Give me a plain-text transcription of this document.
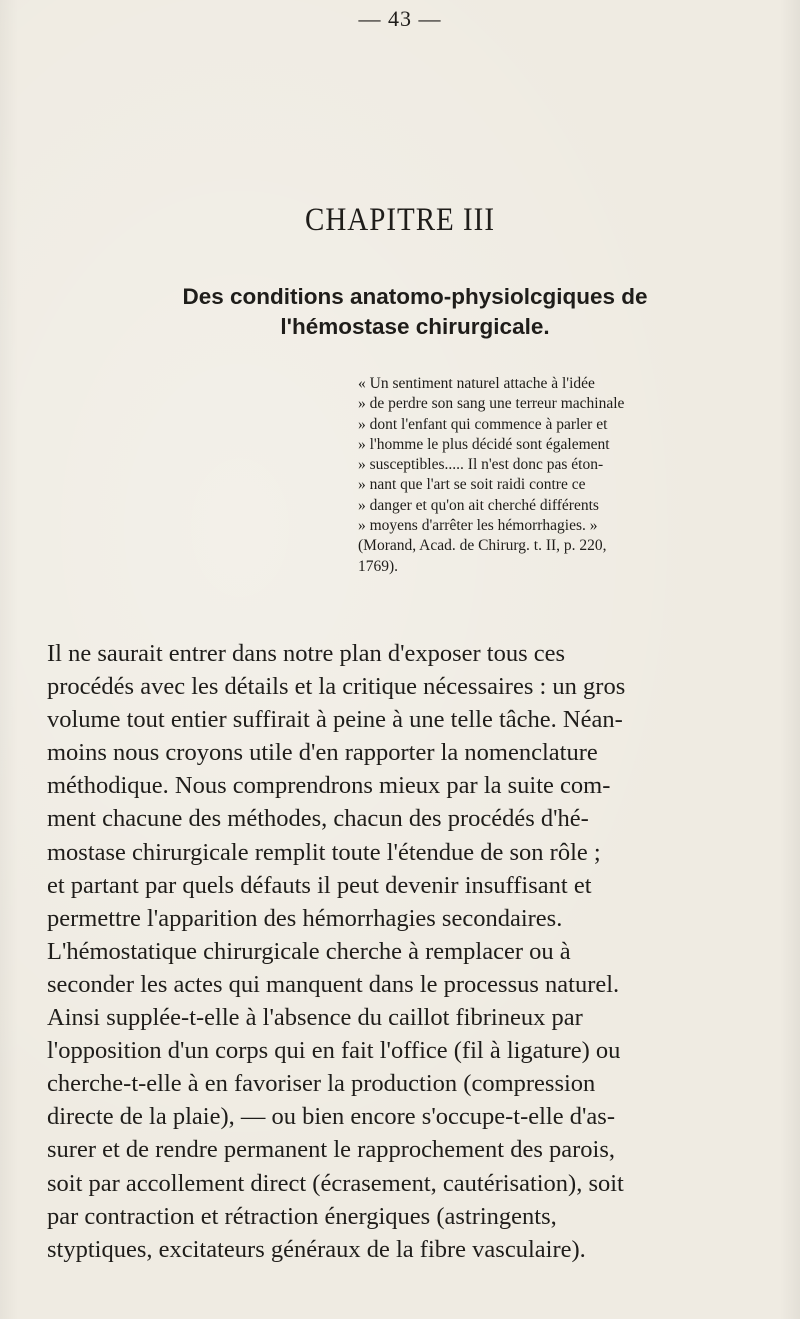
— 43 —
CHAPITRE III
Des conditions anatomo-physiolcgiques de
l'hémostase chirurgicale.
« Un sentiment naturel attache à l'idée
» de perdre son sang une terreur machinale
» dont l'enfant qui commence à parler et
» l'homme le plus décidé sont également
» susceptibles..... Il n'est donc pas éton-
» nant que l'art se soit raidi contre ce
» danger et qu'on ait cherché différents
» moyens d'arrêter les hémorrhagies. »
(Morand, Acad. de Chirurg. t. II, p. 220,
1769).
Il ne saurait entrer dans notre plan d'exposer tous ces
procédés avec les détails et la critique nécessaires : un gros
volume tout entier suffirait à peine à une telle tâche. Néan-
moins nous croyons utile d'en rapporter la nomenclature
méthodique. Nous comprendrons mieux par la suite com-
ment chacune des méthodes, chacun des procédés d'hé-
mostase chirurgicale remplit toute l'étendue de son rôle ;
et partant par quels défauts il peut devenir insuffisant et
permettre l'apparition des hémorrhagies secondaires.
L'hémostatique chirurgicale cherche à remplacer ou à
seconder les actes qui manquent dans le processus naturel.
Ainsi supplée-t-elle à l'absence du caillot fibrineux par
l'opposition d'un corps qui en fait l'office (fil à ligature) ou
cherche-t-elle à en favoriser la production (compression
directe de la plaie), — ou bien encore s'occupe-t-elle d'as-
surer et de rendre permanent le rapprochement des parois,
soit par accollement direct (écrasement, cautérisation), soit
par contraction et rétraction énergiques (astringents,
styptiques, excitateurs généraux de la fibre vasculaire).
